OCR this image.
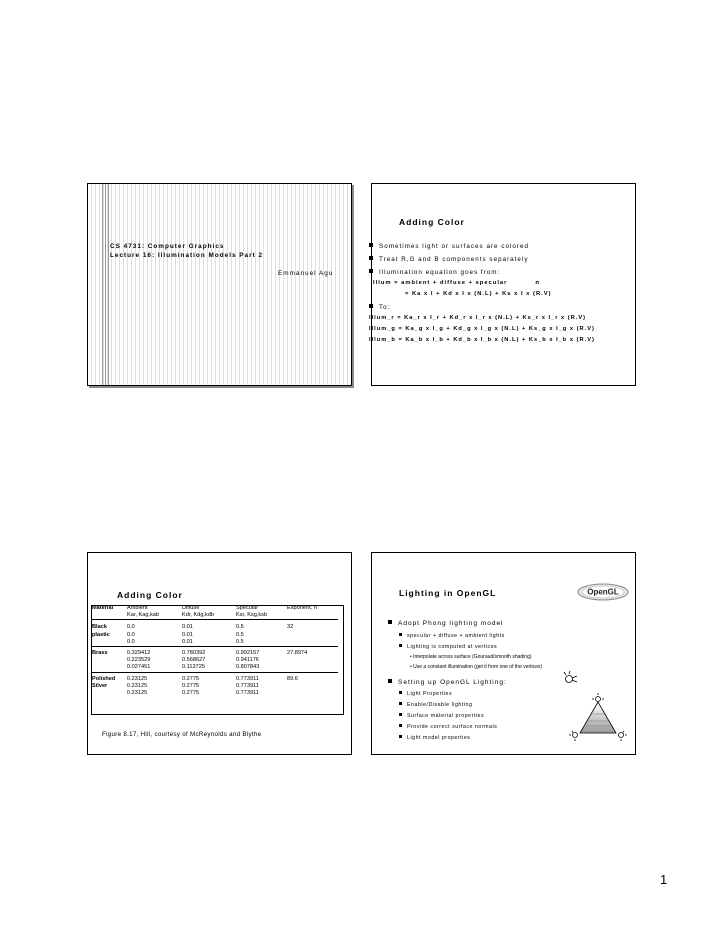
CS 4731: Computer Graphics
Lecture 16: Illumination Models Part 2
Emmanuel Agu
Adding Color
Sometimes light or surfaces are colored
Treat R,G and B components separately
Illumination equation goes from:
Illum = ambient + diffuse + specular	n
= Ka x I + Kd x I x (N.L) + Ks x I x (R.V)
To:
Illum_r = Ka_r x I_r + Kd_r x I_r x (N.L) + Ks_r x I_r x (R.V)
Illum_g = Ka_g x I_g + Kd_g x I_g x (N.L) + Ks_g x I_g x (R.V)
Illum_b = Ka_b x I_b + Kd_b x I_b x (N.L) + Ks_b x I_b x (R.V)
Adding Color
Material	Ambient	Diffuse	Specular	Exponent, n
	Kar, Kag,kab	Kdr, Kdg,kdb	Ksr, Ksg,ksb	

Black	0.0	0.01	0.5	32
plastic	0.0	0.01	0.5	
	0.0	0.01	0.5	

Brass	0.329412	0.780392	0.992157	27.8974
	0.223529	0.568627	0.941176	
	0.027451	0.113725	0.807843	

Polished	0.23125	0.2775	0.773911	89.6
Silver	0.23125	0.2775	0.773911	
	0.23125	0.2775	0.773911	
Figure 8.17, Hill, courtesy of McReynolds and Blythe
Lighting in OpenGL	OpenGL
Adopt Phong lighting model
specular + diffuse + ambient lights
Lighting is computed at vertices
• Interpolate across surface (Gouraud/smooth shading)
• Use a constant illumination (get it from one of the vertices)
Setting up OpenGL Lighting:
Light Properties
Enable/Disable lighting
Surface material properties
Provide correct surface normals
Light model properties
1
